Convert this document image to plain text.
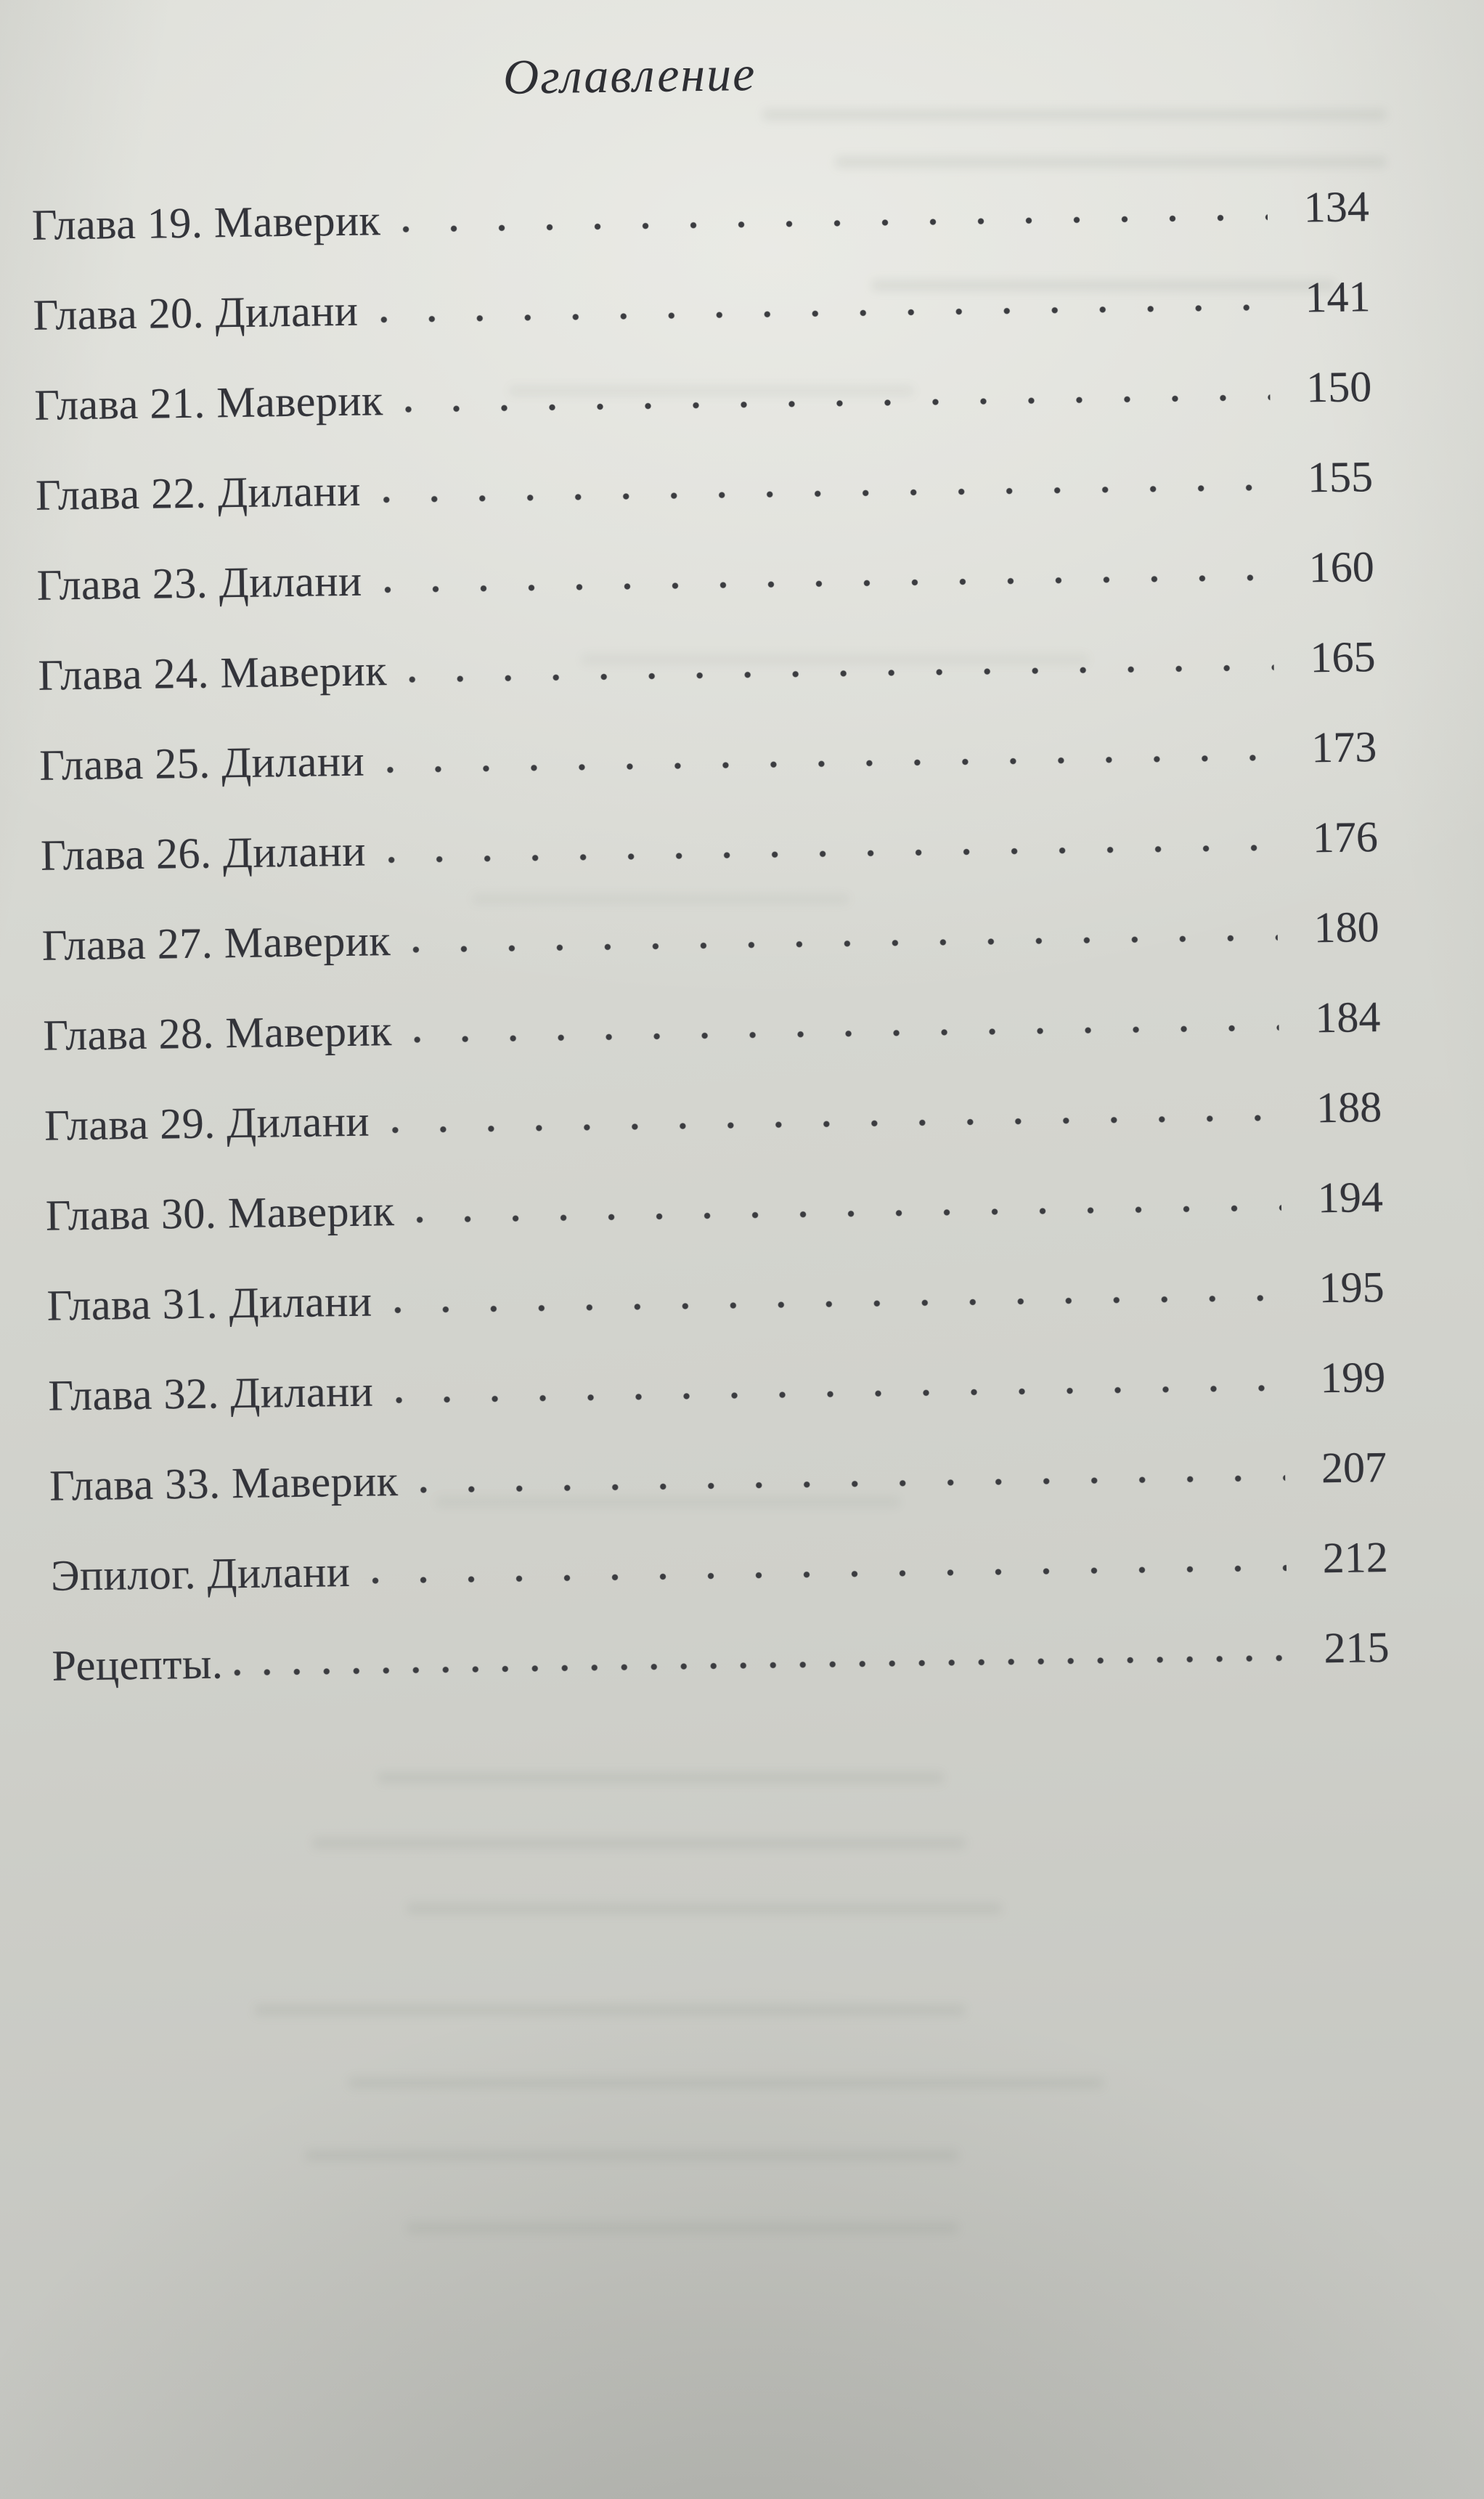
Оглавление
Глава 19. Маверик	134
Глава 20. Дилани	141
Глава 21. Маверик	150
Глава 22. Дилани	155
Глава 23. Дилани	160
Глава 24. Маверик	165
Глава 25. Дилани	173
Глава 26. Дилани	176
Глава 27. Маверик	180
Глава 28. Маверик	184
Глава 29. Дилани	188
Глава 30. Маверик	194
Глава 31. Дилани	195
Глава 32. Дилани	199
Глава 33. Маверик	207
Эпилог. Дилани	212
Рецепты.	215
